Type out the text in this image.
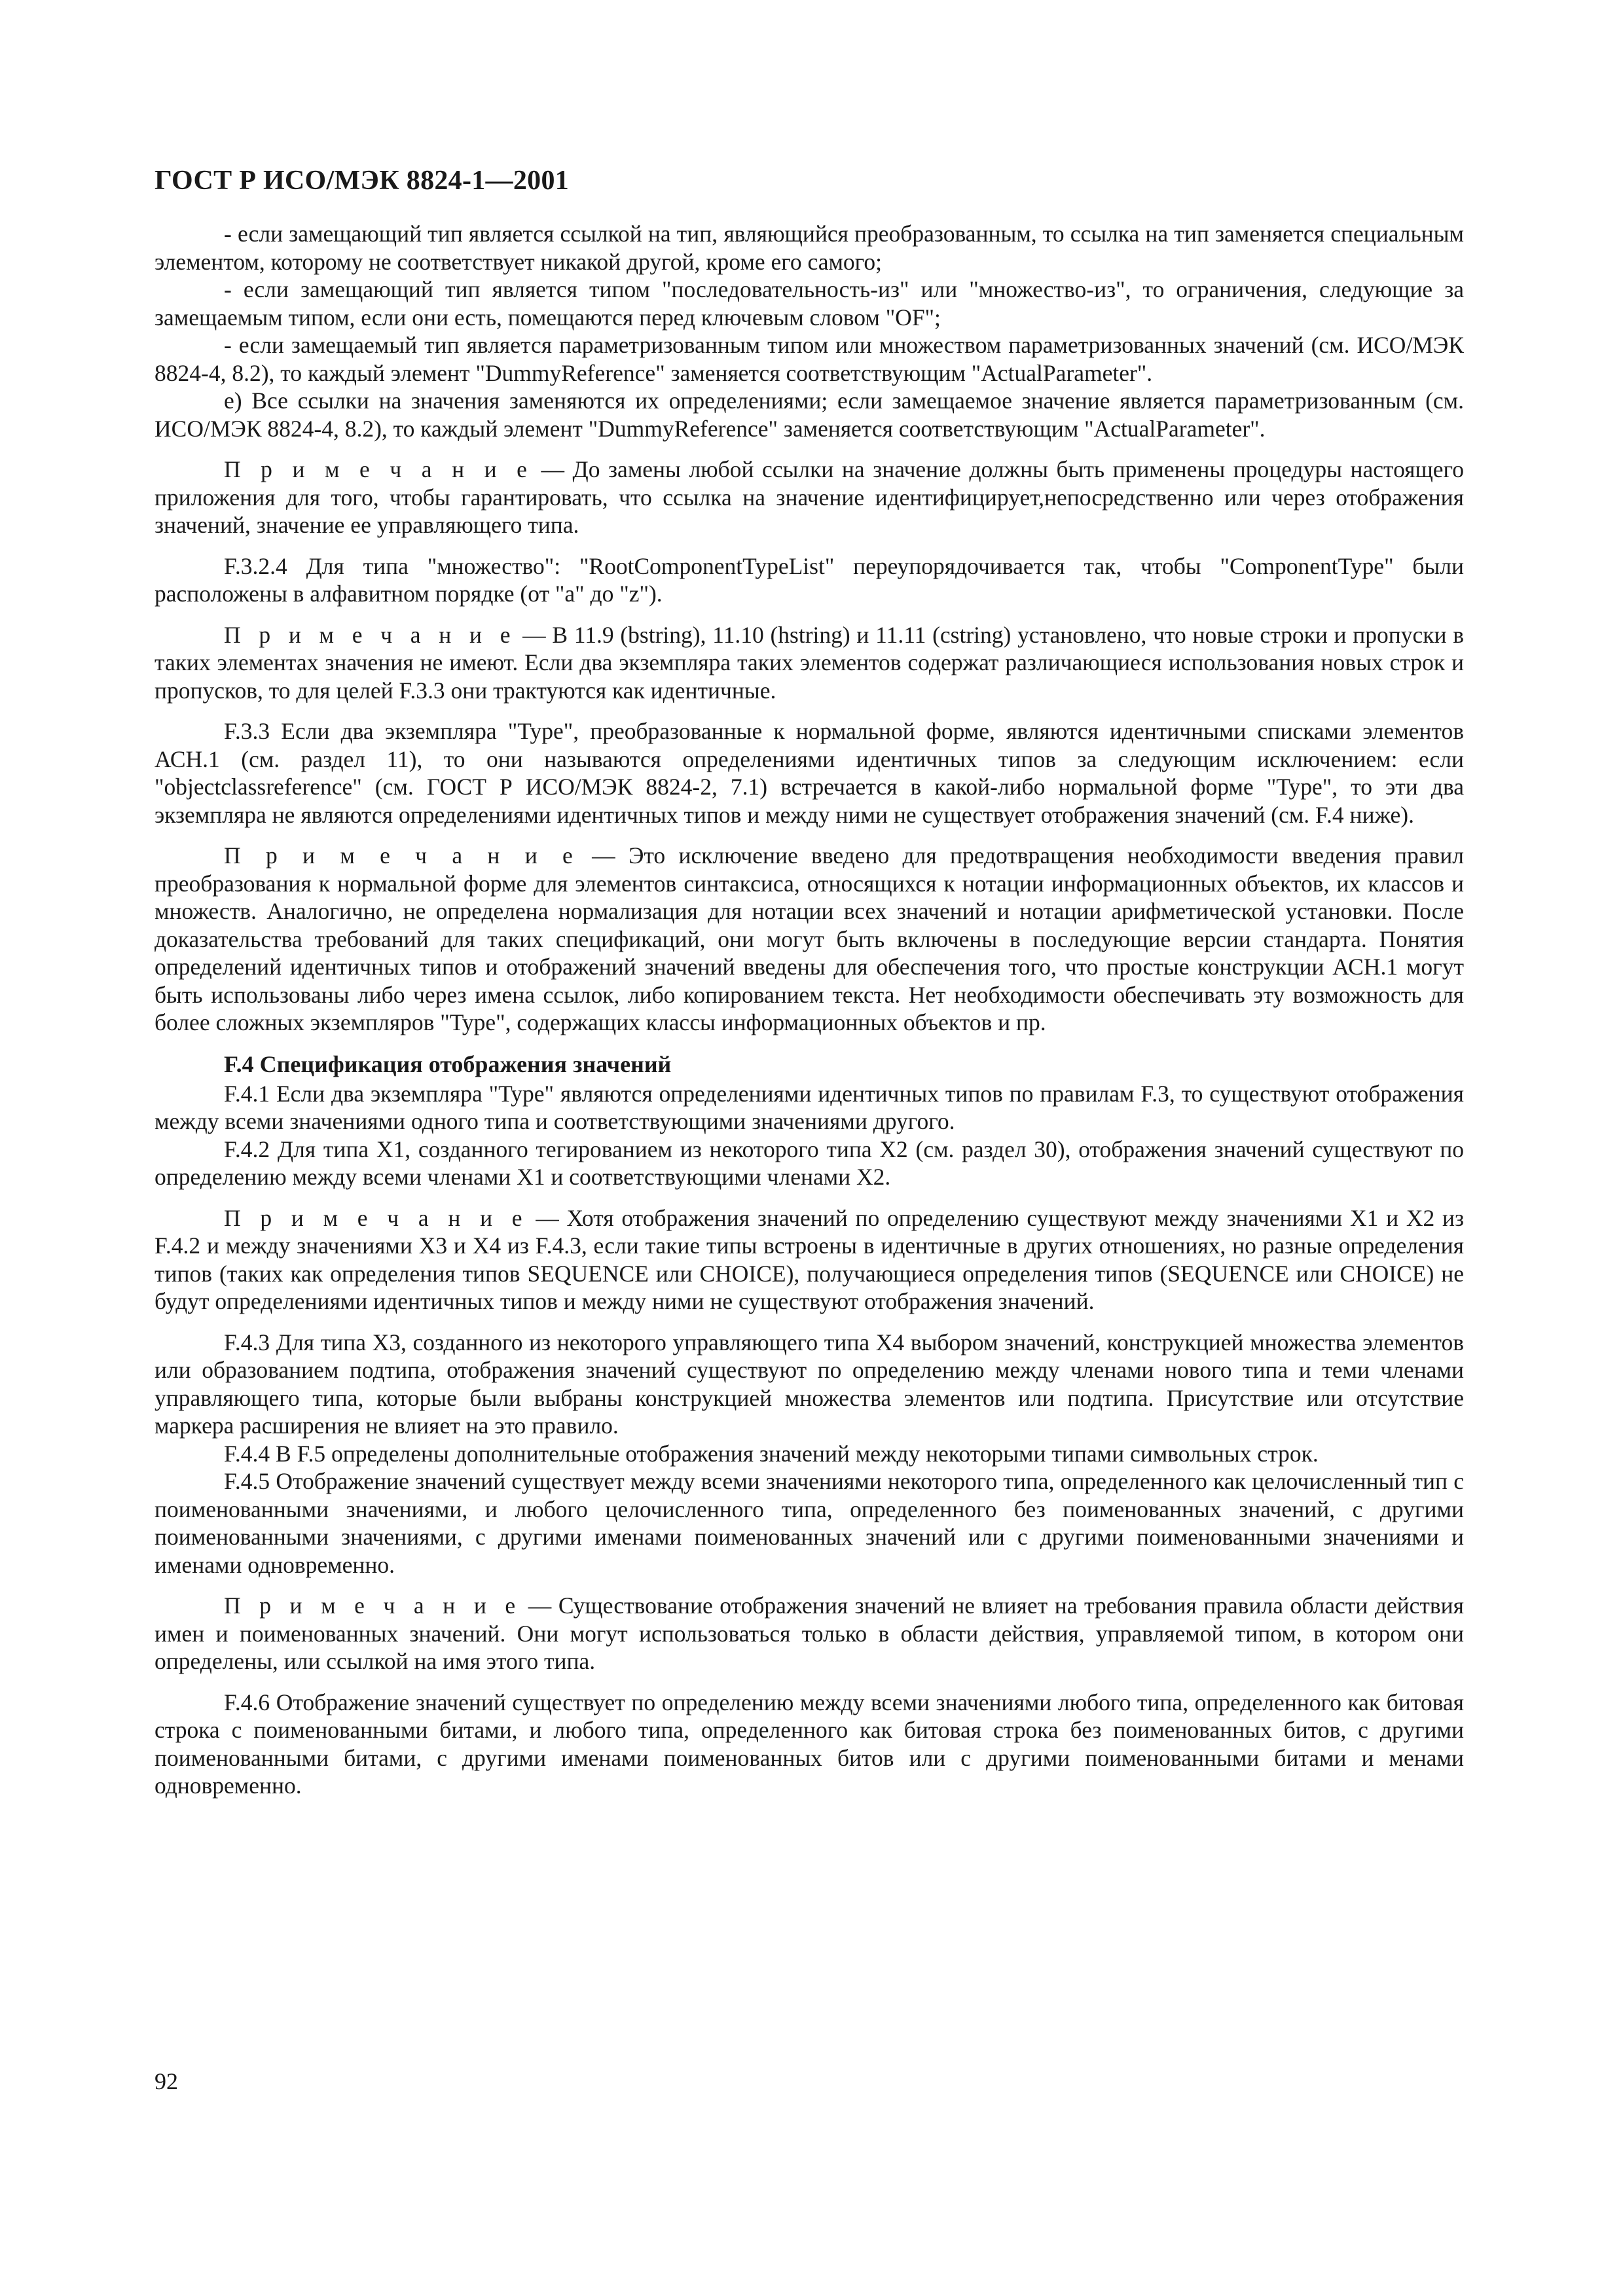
ГОСТ Р ИСО/МЭК 8824-1—2001

- если замещающий тип является ссылкой на тип, являющийся преобразованным, то ссылка на тип заменяется специальным элементом, которому не соответствует никакой другой, кроме его самого;

- если замещающий тип является типом "последовательность-из" или "множество-из", то ограничения, следующие за замещаемым типом, если они есть, помещаются перед ключевым словом "OF";

- если замещаемый тип является параметризованным типом или множеством параметризованных значений (см. ИСО/МЭК 8824-4, 8.2), то каждый элемент "DummyReference" заменяется соответствующим "ActualParameter".

е) Все ссылки на значения заменяются их определениями; если замещаемое значение является параметризованным (см. ИСО/МЭК 8824-4, 8.2), то каждый элемент "DummyReference" заменяется соответствующим "ActualParameter".

П р и м е ч а н и е — До замены любой ссылки на значение должны быть применены процедуры настоящего приложения для того, чтобы гарантировать, что ссылка на значение идентифицирует,непосредственно или через отображения значений, значение ее управляющего типа.

F.3.2.4 Для типа "множество": "RootComponentTypeList" переупорядочивается так, чтобы "ComponentType" были расположены в алфавитном порядке (от "а" до "z").

П р и м е ч а н и е — В 11.9 (bstring), 11.10 (hstring) и 11.11 (cstring) установлено, что новые строки и пропуски в таких элементах значения не имеют. Если два экземпляра таких элементов содержат различающиеся использования новых строк и пропусков, то для целей F.3.3 они трактуются как идентичные.

F.3.3 Если два экземпляра "Type", преобразованные к нормальной форме, являются идентичными списками элементов АСН.1 (см. раздел 11), то они называются определениями идентичных типов за следующим исключением: если "objectclassreference" (см. ГОСТ Р ИСО/МЭК 8824-2, 7.1) встречается в какой-либо нормальной форме "Type", то эти два экземпляра не являются определениями идентичных типов и между ними не существует отображения значений (см. F.4 ниже).

П р и м е ч а н и е — Это исключение введено для предотвращения необходимости введения правил преобразования к нормальной форме для элементов синтаксиса, относящихся к нотации информационных объектов, их классов и множеств. Аналогично, не определена нормализация для нотации всех значений и нотации арифметической установки. После доказательства требований для таких спецификаций, они могут быть включены в последующие версии стандарта. Понятия определений идентичных типов и отображений значений введены для обеспечения того, что простые конструкции АСН.1 могут быть использованы либо через имена ссылок, либо копированием текста. Нет необходимости обеспечивать эту возможность для более сложных экземпляров "Type", содержащих классы информационных объектов и пр.

F.4 Спецификация отображения значений

F.4.1 Если два экземпляра "Type" являются определениями идентичных типов по правилам F.3, то существуют отображения между всеми значениями одного типа и соответствующими значениями другого.

F.4.2 Для типа X1, созданного тегированием из некоторого типа X2 (см. раздел 30), отображения значений существуют по определению между всеми членами X1 и соответствующими членами X2.

П р и м е ч а н и е — Хотя отображения значений по определению существуют между значениями X1 и X2 из F.4.2 и между значениями X3 и X4 из F.4.3, если такие типы встроены в идентичные в других отношениях, но разные определения типов (таких как определения типов SEQUENCE или CHOICE), получающиеся определения типов (SEQUENCE или CHOICE) не будут определениями идентичных типов и между ними не существуют отображения значений.

F.4.3 Для типа X3, созданного из некоторого управляющего типа X4 выбором значений, конструкцией множества элементов или образованием подтипа, отображения значений существуют по определению между членами нового типа и теми членами управляющего типа, которые были выбраны конструкцией множества элементов или подтипа. Присутствие или отсутствие маркера расширения не влияет на это правило.

F.4.4 В F.5 определены дополнительные отображения значений между некоторыми типами символьных строк.

F.4.5 Отображение значений существует между всеми значениями некоторого типа, определенного как целочисленный тип с поименованными значениями, и любого целочисленного типа, определенного без поименованных значений, с другими поименованными значениями, с другими именами поименованных значений или с другими поименованными значениями и именами одновременно.

П р и м е ч а н и е — Существование отображения значений не влияет на требования правила области действия имен и поименованных значений. Они могут использоваться только в области действия, управляемой типом, в котором они определены, или ссылкой на имя этого типа.

F.4.6 Отображение значений существует по определению между всеми значениями любого типа, определенного как битовая строка с поименованными битами, и любого типа, определенного как битовая строка без поименованных битов, с другими поименованными битами, с другими именами поименованных битов или с другими поименованными битами и менами одновременно.

92
